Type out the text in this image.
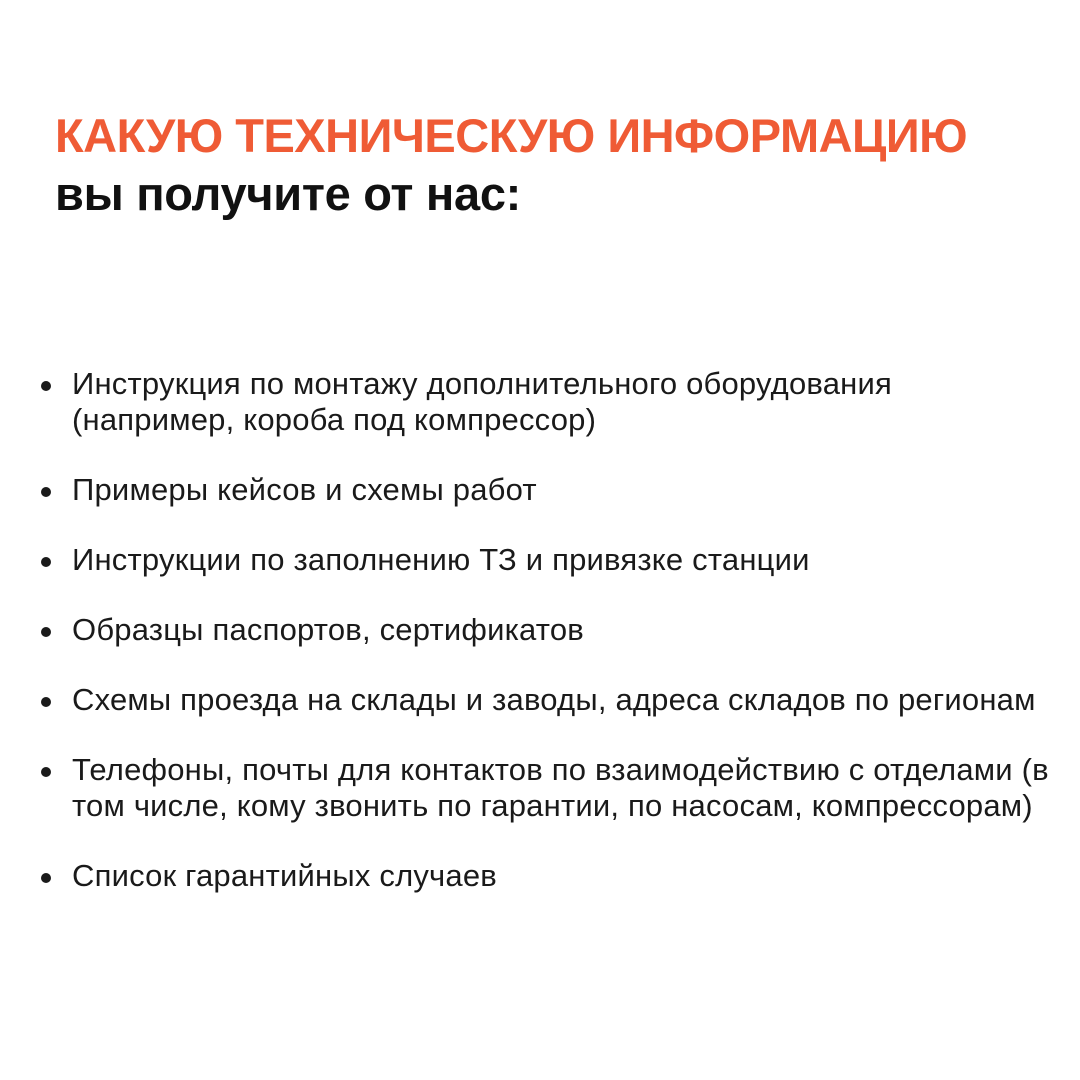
КАКУЮ ТЕХНИЧЕСКУЮ ИНФОРМАЦИЮ
вы получите от нас:
Инструкция по монтажу дополнительного оборудования (например, короба под компрессор)
Примеры кейсов и схемы работ
Инструкции по заполнению ТЗ и привязке станции
Образцы паспортов, сертификатов
Схемы проезда на склады и заводы, адреса складов по регионам
Телефоны, почты для контактов по взаимодействию с отделами (в том числе, кому звонить по гарантии, по насосам, компрессорам)
Список гарантийных случаев
